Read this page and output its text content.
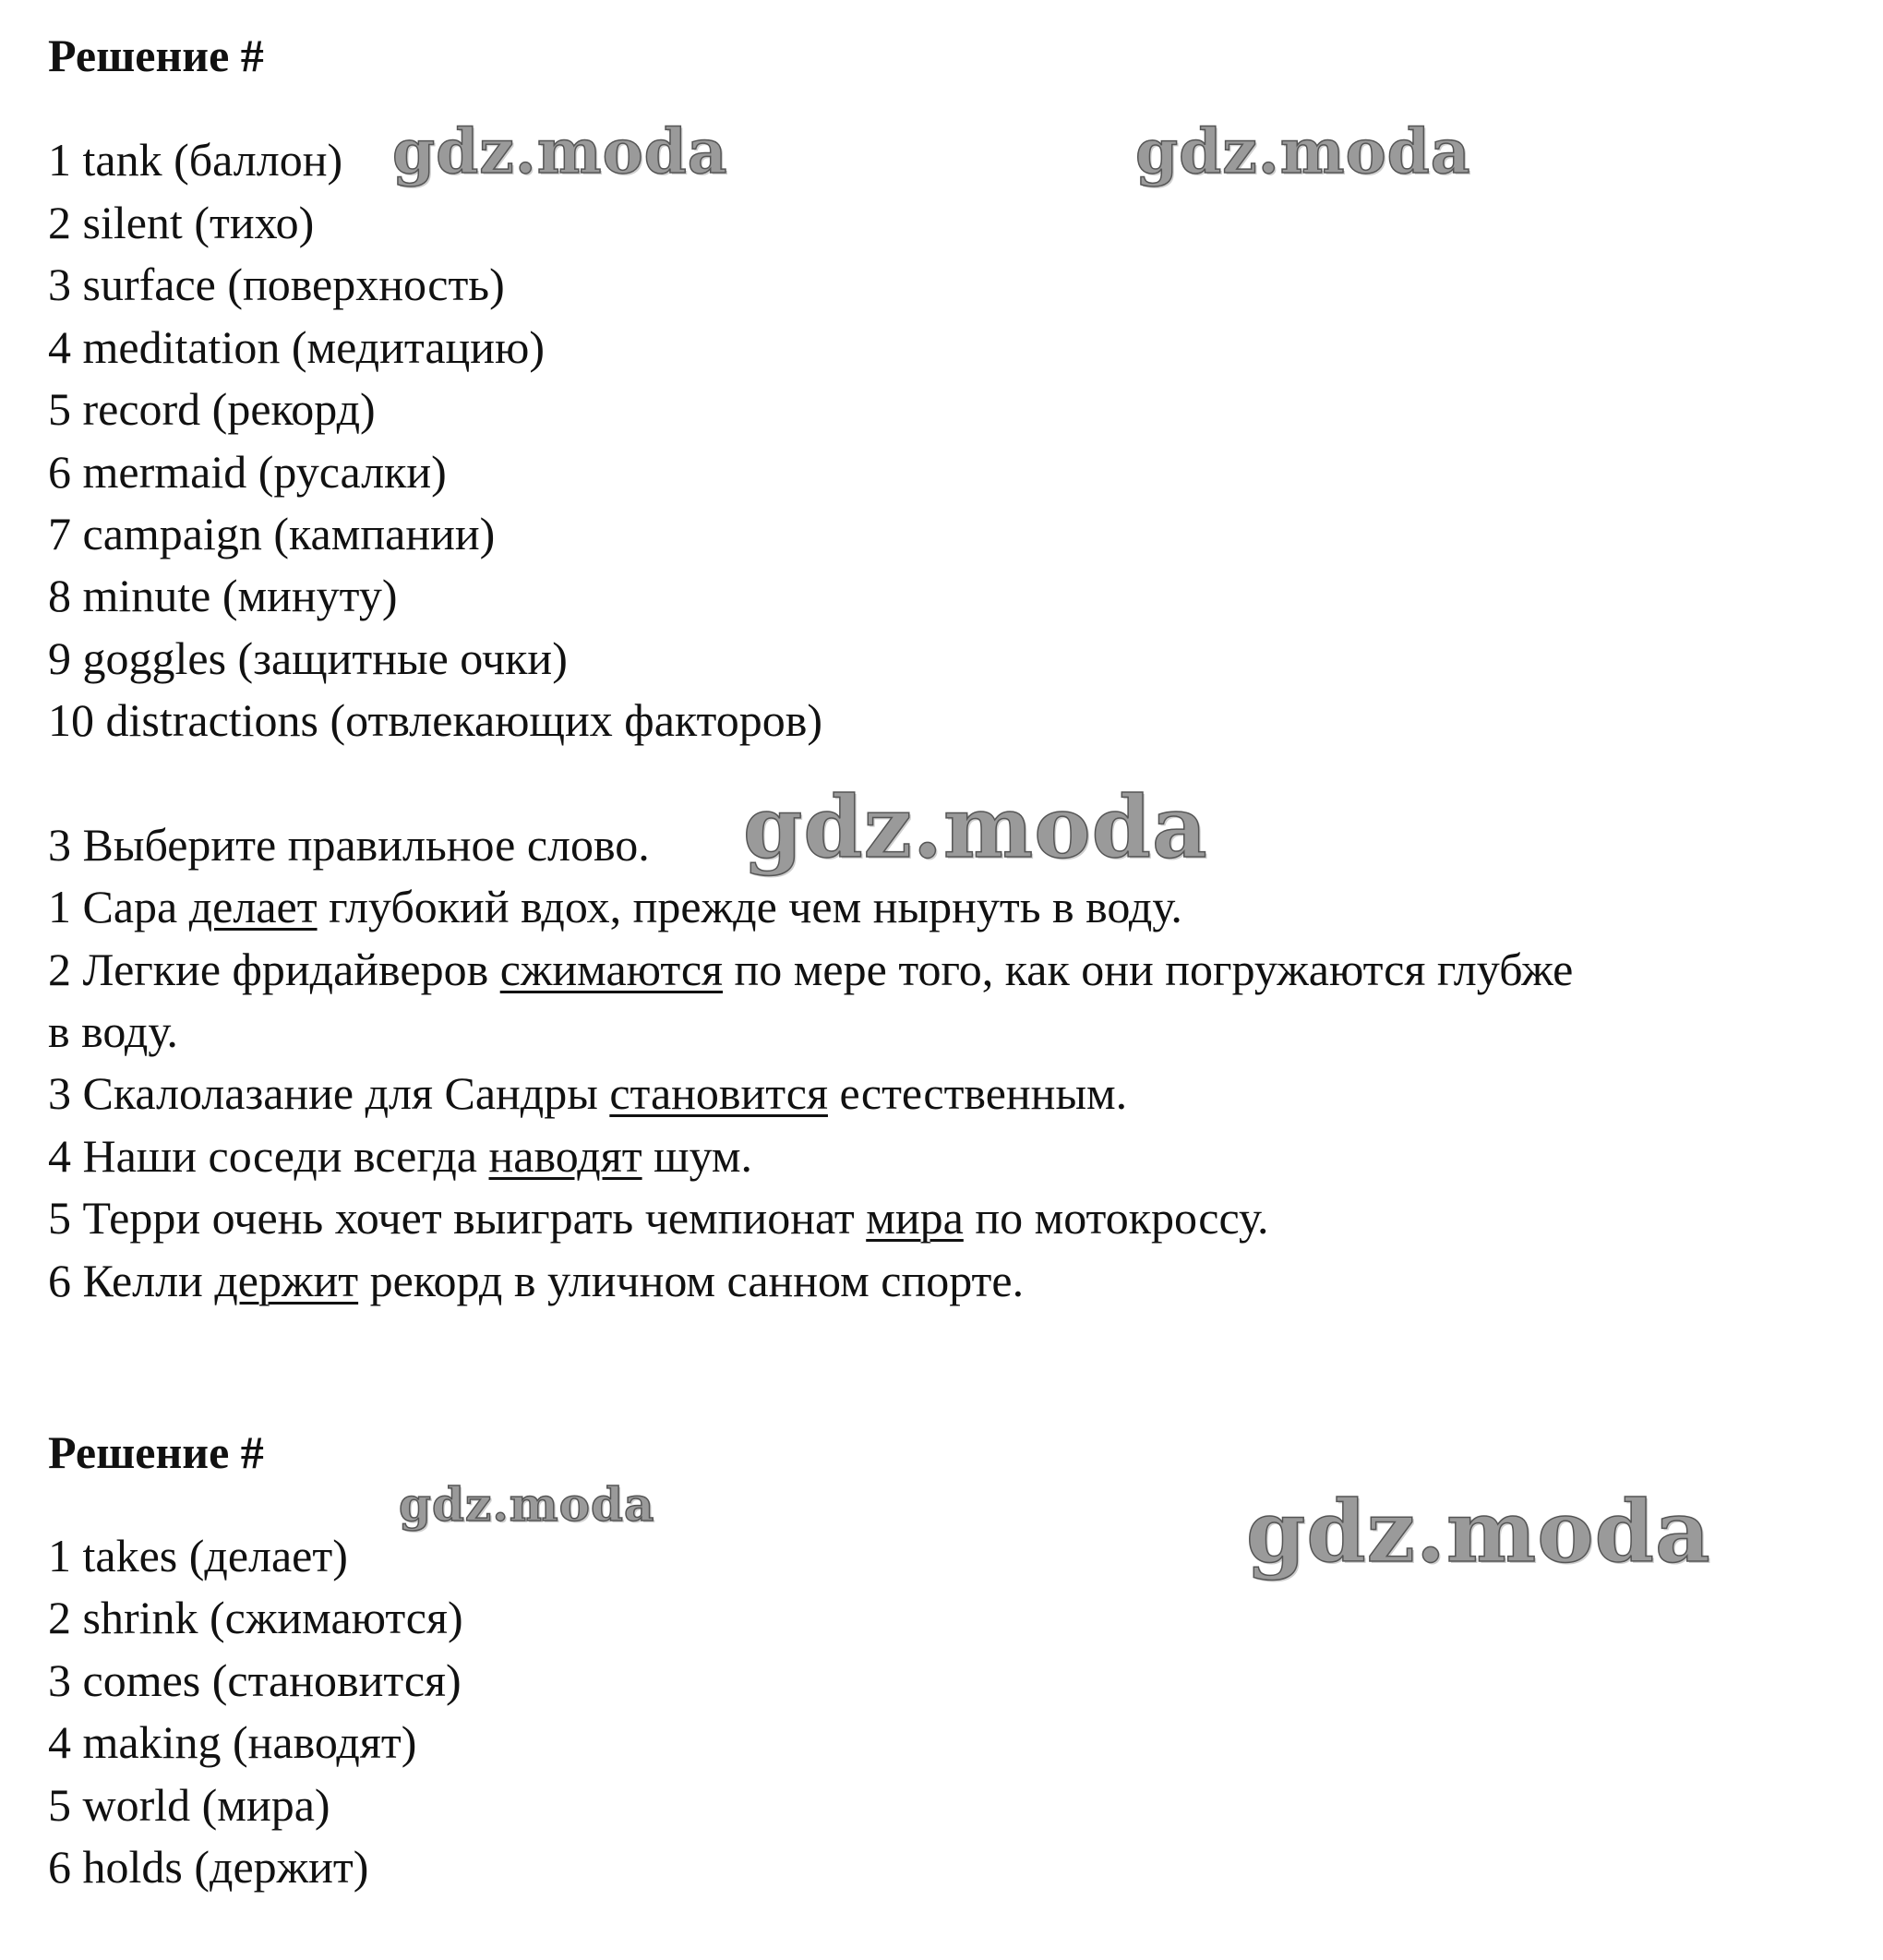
Решение #
1 tank (баллон)
2 silent (тихо)
3 surface (поверхность)
4 meditation (медитацию)
5 record (рекорд)
6 mermaid (русалки)
7 campaign (кампании)
8 minute (минуту)
9 goggles (защитные очки)
10 distractions (отвлекающих факторов)
3 Выберите правильное слово.
1 Сара делает глубокий вдох, прежде чем нырнуть в воду.
2 Легкие фридайверов сжимаются по мере того, как они погружаются глубже
в воду.
3 Скалолазание для Сандры становится естественным.
4 Наши соседи всегда наводят шум.
5 Терри очень хочет выиграть чемпионат мира по мотокроссу.
6 Келли держит рекорд в уличном санном спорте.
Решение #
1 takes (делает)
2 shrink (сжимаются)
3 comes (становится)
4 making (наводят)
5 world (мира)
6 holds (держит)
gdz.moda	gdz.moda
gdz.moda
gdz.moda	gdz.moda
